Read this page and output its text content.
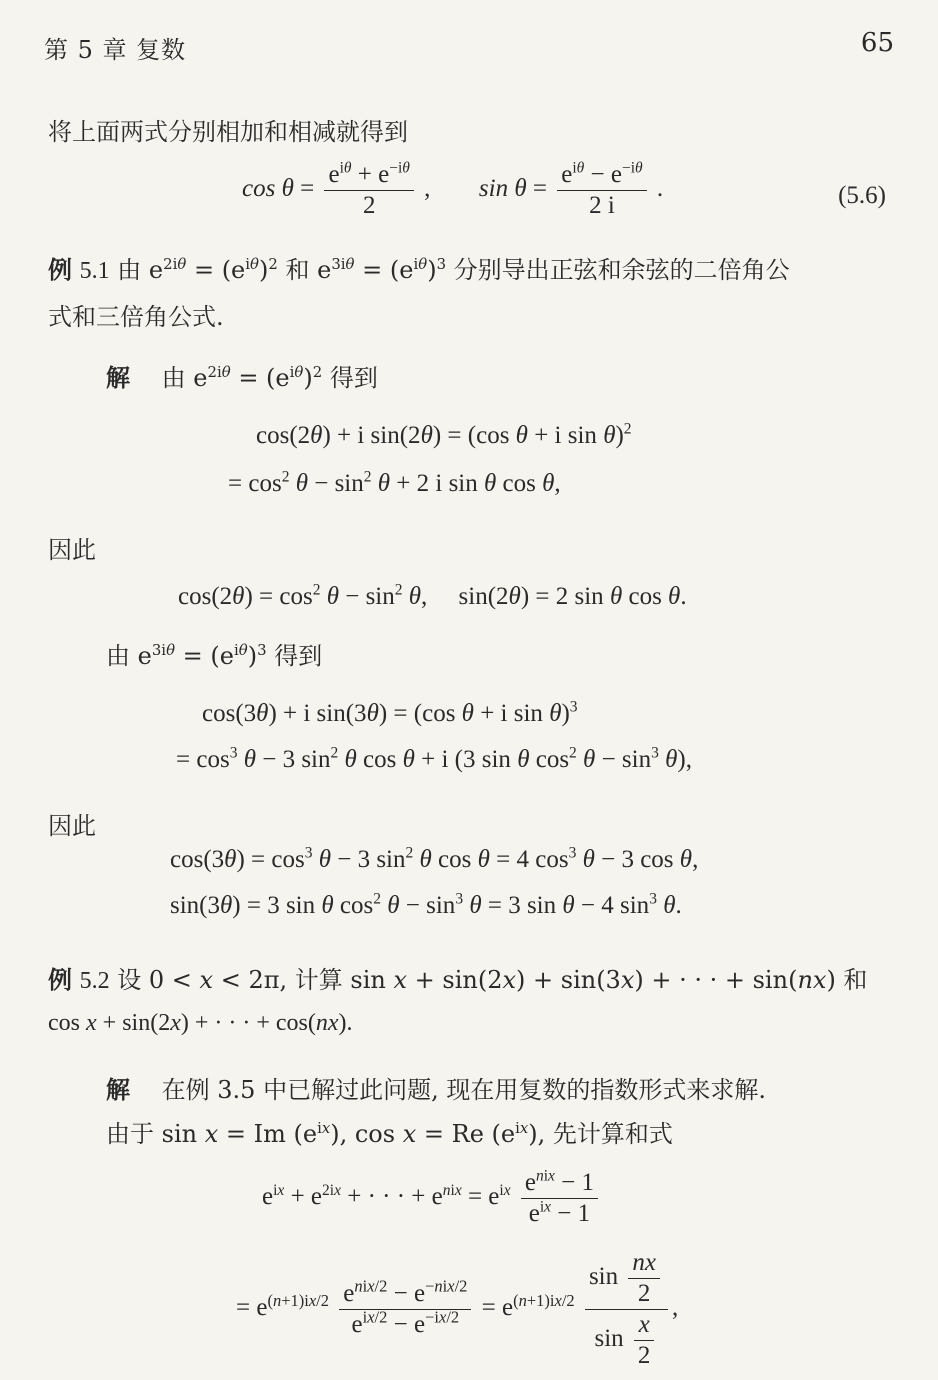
第 5 章 复数	65
将上面两式分别相加和相减就得到
$\cos \theta = \frac{e^{i\theta} + e^{-i\theta}}{2}$ , $\sin \theta = \frac{e^{i\theta} - e^{-i\theta}}{2 i}$ .	(5.6)
例 5.1 由 $e^{2i\theta} = (e^{i\theta})^2$ 和 $e^{3i\theta} = (e^{i\theta})^3$ 分别导出正弦和余弦的二倍角公
式和三倍角公式.
解 　由 $e^{2i\theta} = (e^{i\theta})^2$ 得到
cos(2θ) + i sin(2θ) = (cos θ + i sin θ)$^2$
= $\cos^2 \theta - \sin^2 \theta + 2$ i sin θ cos θ,
因此
$\cos(2\theta) = \cos^2 \theta - \sin^2 \theta$,　 sin(2θ) = 2 sin θ cos θ.
由 $e^{3i\theta} = (e^{i\theta})^3$ 得到
cos(3θ) + i sin(3θ) = (cos θ + i sin θ)$^3$
= $\cos^3 \theta - 3$ $\sin^2 \theta$ cos θ + i (3 sin θ $\cos^2 \theta - \sin^3 \theta$),
因此
$\cos(3\theta) = \cos^3 \theta - 3$ $\sin^2 \theta$ cos θ = 4 $\cos^3 \theta - 3$ cos θ,
sin(3θ) = 3 sin θ $\cos^2 \theta - \sin^3 \theta = 3$ sin θ − 4 $\sin^3 \theta$.
例 5.2 设 0 < x < 2π, 计算 sin x + sin(2x) + sin(3x) + · · · + sin(nx) 和
cos x + sin(2x) + · · · + cos(nx).
解 　 在例 3.5 中已解过此问题, 现在用复数的指数形式来求解.
由于 sin x = Im $(e^{ix})$, cos x = Re $(e^{ix})$, 先计算和式
$e^{ix} + e^{2ix}$ + · · · + $e^{nix} = e^{ix} \frac{e^{nix} - 1}{e^{ix} - 1}$
= $e^{(n+1)ix/2} \frac{e^{nix/2} - e^{-nix/2}}{e^{ix/2} - e^{-ix/2}} = e^{(n+1)ix/2} \frac{\sin \frac{nx}{2}}{\sin \frac{x}{2}}$ ,
